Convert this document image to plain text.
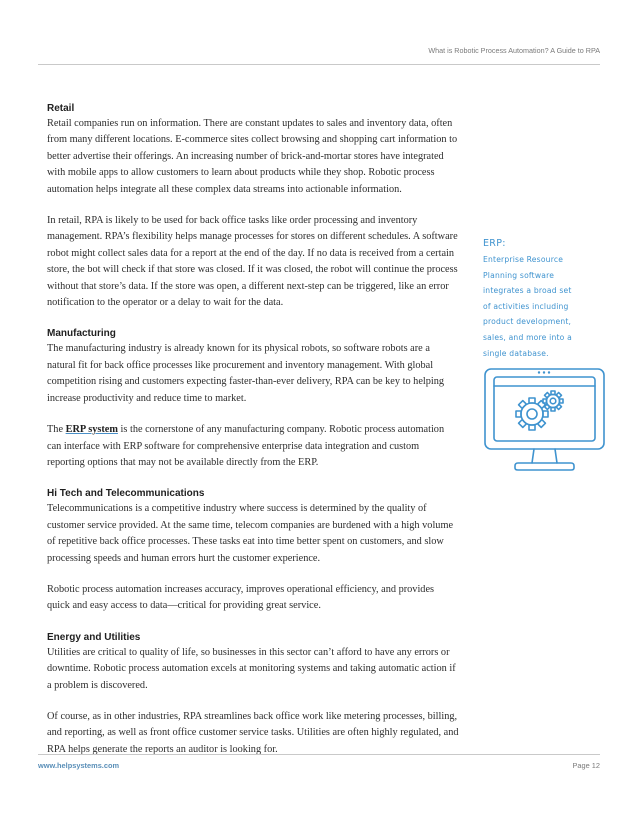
What is Robotic Process Automation? A Guide to RPA
Retail

Retail companies run on information. There are constant updates to sales and inventory data, often from many different locations. E-commerce sites collect browsing and shopping cart information to better advertise their offerings. An increasing number of brick-and-mortar stores have integrated with mobile apps to allow customers to learn about products while they shop. Robotic process automation helps integrate all these complex data streams into actionable information.

In retail, RPA is likely to be used for back office tasks like order processing and inventory management. RPA’s flexibility helps manage processes for stores on different schedules. A software robot might collect sales data for a report at the end of the day. If no data is received from a certain store, the bot will check if that store was closed. If it was closed, the robot will continue the process without that store’s data. If the store was open, a different next-step can be triggered, like an error notification to the operator or a delay to wait for the data.

Manufacturing

The manufacturing industry is already known for its physical robots, so software robots are a natural fit for back office processes like procurement and inventory management. With global competition rising and customers expecting faster-than-ever delivery, RPA can be key to helping increase productivity and reduce time to market.

The ERP system is the cornerstone of any manufacturing company. Robotic process automation can interface with ERP software for comprehensive enterprise data integration and custom reporting options that may not be available directly from the ERP.

Hi Tech and Telecommunications

Telecommunications is a competitive industry where success is determined by the quality of customer service provided. At the same time, telecom companies are burdened with a high volume of repetitive back office processes. These tasks eat into time better spent on customers, and slow processing speeds and human errors hurt the customer experience.

Robotic process automation increases accuracy, improves operational efficiency, and provides quick and easy access to data—critical for providing great service.

Energy and Utilities

Utilities are critical to quality of life, so businesses in this sector can’t afford to have any errors or downtime. Robotic process automation excels at monitoring systems and taking automatic action if a problem is discovered.

Of course, as in other industries, RPA streamlines back office work like metering processes, billing, and reporting, as well as front office customer service tasks. Utilities are often highly regulated, and RPA helps generate the reports an auditor is looking for.

ERP:

Enterprise Resource

Planning software

integrates a broad set

of activities including

product development,

sales, and more into a

single database.

www.helpsystems.com	Page 12
